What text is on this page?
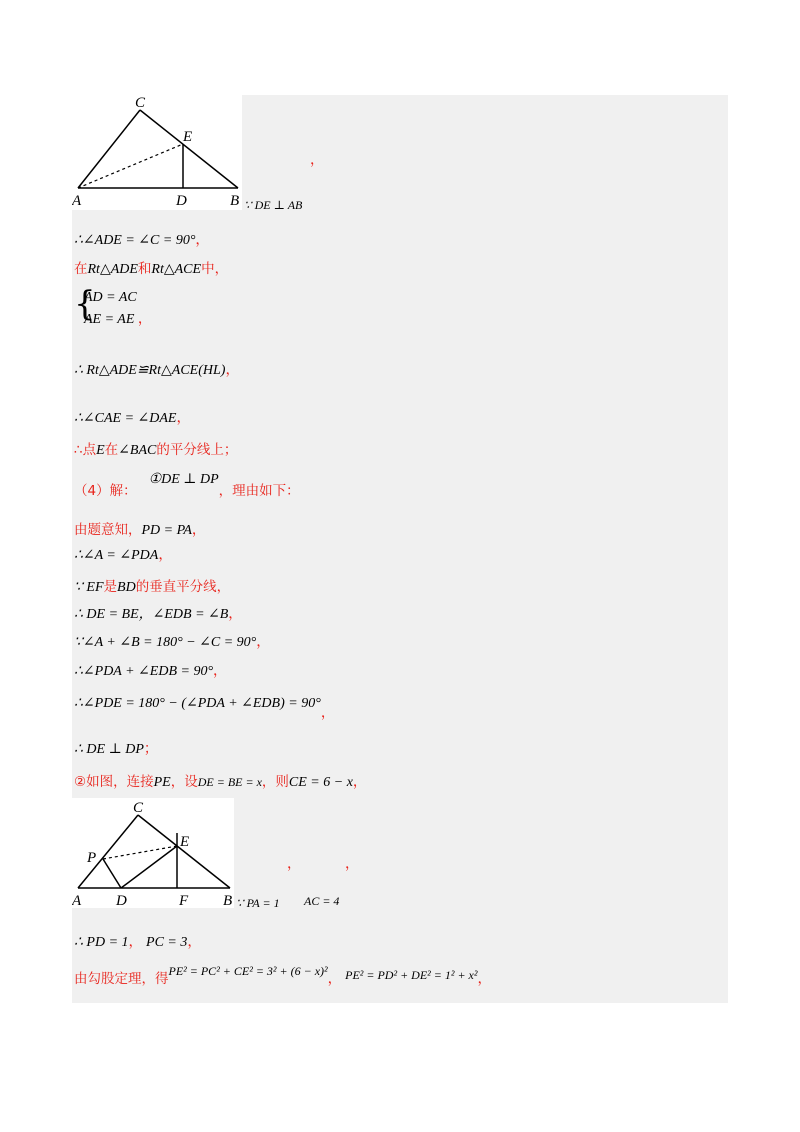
C
E
A	D	B
，
∵ DE ⊥ AB
∴∠ADE = ∠C = 90°，
在Rt△ADE和Rt△ACE中，
{
AD = AC
AE = AE ，
∴ Rt△ADE≌Rt△ACE(HL)，
∴∠CAE = ∠DAE，
∴点E在∠BAC的平分线上；
（4）解：①DE ⊥ DP，理由如下：
由题意知，PD = PA，
∴∠A = ∠PDA，
∵ EF是BD的垂直平分线，
∴ DE = BE，∠EDB = ∠B，
∵∠A + ∠B = 180° − ∠C = 90°，
∴∠PDA + ∠EDB = 90°，
∴∠PDE = 180° − (∠PDA + ∠EDB) = 90°，
∴ DE ⊥ DP；
②如图，连接PE，设DE = BE = x，则CE = 6 − x，
C
E
P
A D	F B
，	，
∵ PA = 1 AC = 4
∴ PD = 1， PC = 3，
由勾股定理，得PE² = PC² + CE² = 3² + (6 − x)²， PE² = PD² + DE² = 1² + x²，
